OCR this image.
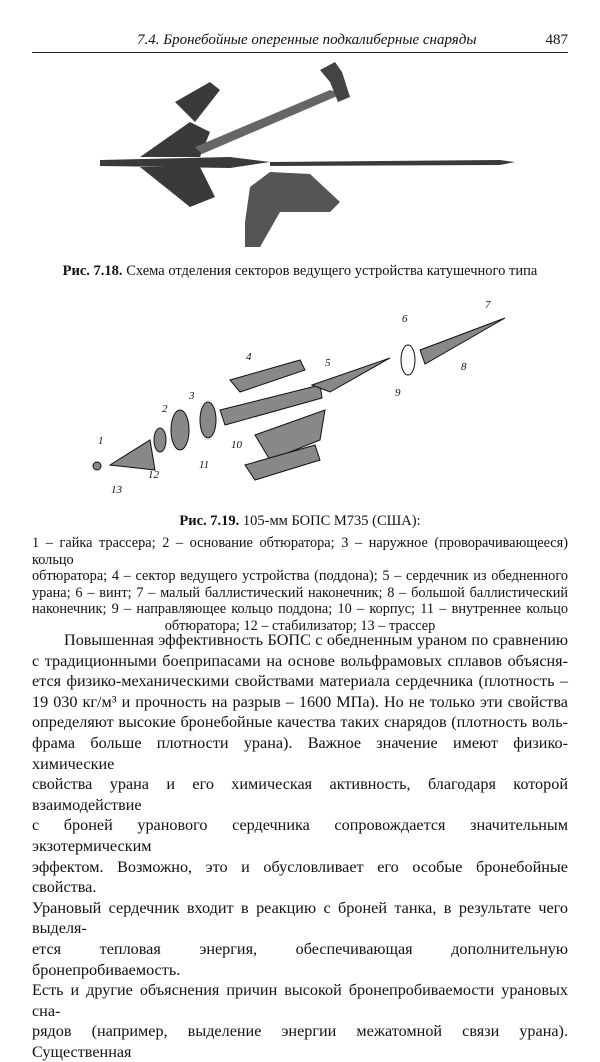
7.4. Бронебойные оперенные подкалиберные снаряды	487
Рис. 7.18. Схема отделения секторов ведущего устройства катушечного типа
1
2
3
4	5
6
7
8
9
10
11
12
13
Рис. 7.19. 105-мм БОПС М735 (США):
1 – гайка трассера; 2 – основание обтюратора; 3 – наружное (проворачивающееся) кольцо
обтюратора; 4 – сектор ведущего устройства (поддона); 5 – сердечник из обедненного
урана; 6 – винт; 7 – малый баллистический наконечник; 8 – большой баллистический
наконечник; 9 – направляющее кольцо поддона; 10 – корпус; 11 – внутреннее кольцо
обтюратора; 12 – стабилизатор; 13 – трассер
Повышенная эффективность БОПС с обедненным ураном по сравнению
с традиционными боеприпасами на основе вольфрамовых сплавов объясня-
ется физико-механическими свойствами материала сердечника (плотность –
19 030 кг/м³ и прочность на разрыв – 1600 МПа). Но не только эти свойства
определяют высокие бронебойные качества таких снарядов (плотность воль-
фрама больше плотности урана). Важное значение имеют физико-химические
свойства урана и его химическая активность, благодаря которой взаимодействие
с броней уранового сердечника сопровождается значительным экзотермическим
эффектом. Возможно, это и обусловливает его особые бронебойные свойства.
Урановый сердечник входит в реакцию с броней танка, в результате чего выделя-
ется тепловая энергия, обеспечивающая дополнительную бронепробиваемость.
Есть и другие объяснения причин высокой бронепробиваемости урановых сна-
рядов (например, выделение энергии межатомной связи урана). Существенная
